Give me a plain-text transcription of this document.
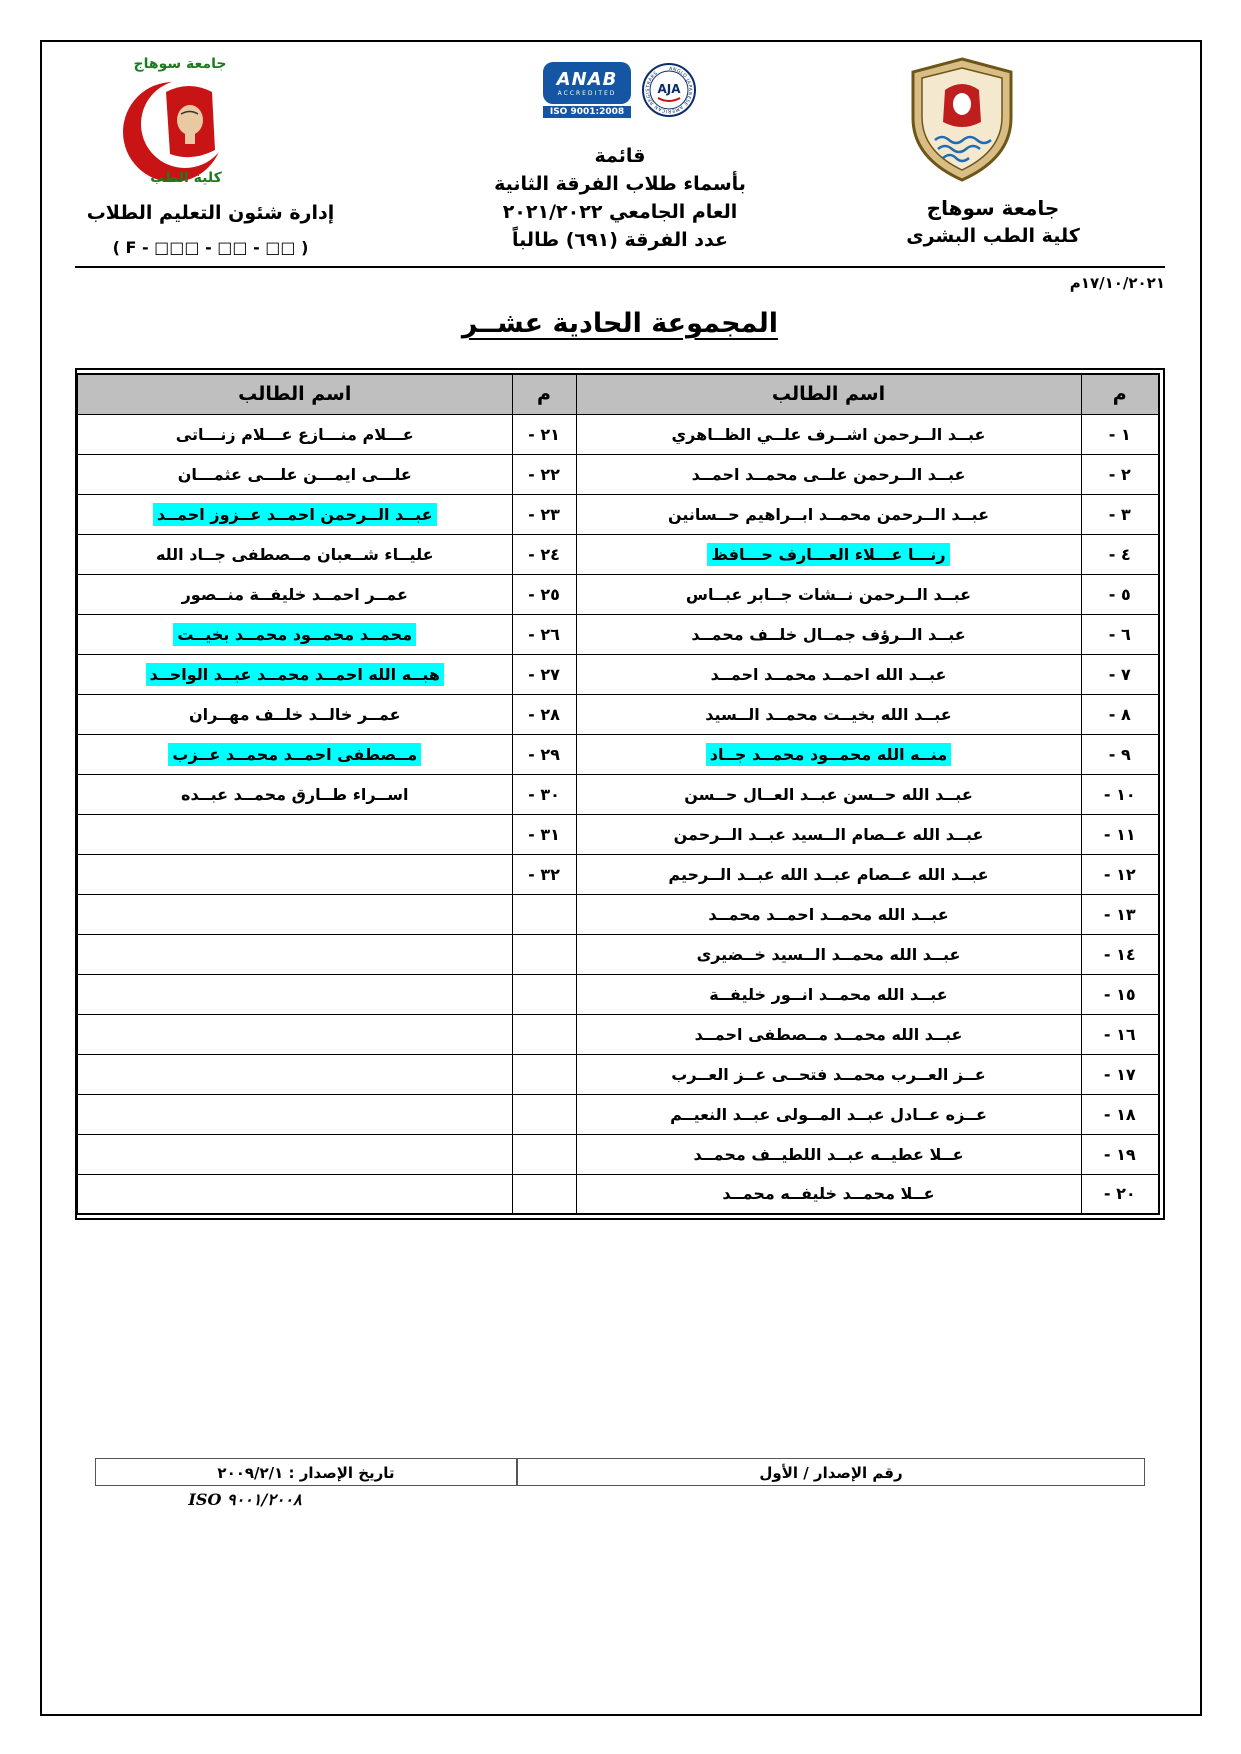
جامعة سوهاج
كلية الطب
إدارة شئون التعليم الطلاب
( F - □□□ - □□ - □□ )
ANAB
ACCREDITED
ISO 9001:2008
ANGLO JAPANESE AMERICAN REGISTRARS
AJA
قائمة
بأسماء طلاب الفرقة الثانية
العام الجامعي ٢٠٢١/٢٠٢٢
عدد الفرقة (٦٩١) طالباً
جامعة سوهاج
كلية الطب البشرى
١٧/١٠/٢٠٢١م
المجموعة الحادية عشــر
م	اسم الطالب	م	اسم الطالب
١ -	عبــد الــرحمن اشــرف علــي الظــاهري	٢١ -	عـــلام منـــازع عـــلام زنـــاتى
٢ -	عبــد الــرحمن علــى محمــد احمــد	٢٢ -	علـــى ايمـــن علـــى عثمـــان
٣ -	عبــد الــرحمن محمــد ابــراهيم حــسانين	٢٣ -	عبــد الــرحمن احمــد عــزوز احمــد
٤ -	رنـــا عـــلاء العـــارف حـــافظ	٢٤ -	عليــاء شــعبان مــصطفى جــاد الله
٥ -	عبــد الــرحمن نــشات جــابر عبــاس	٢٥ -	عمــر احمــد خليفــة منــصور
٦ -	عبــد الــرؤف جمــال خلــف محمــد	٢٦ -	محمــد محمــود محمــد بخيــت
٧ -	عبــد الله احمــد محمــد احمــد	٢٧ -	هبــه الله احمــد محمــد عبــد الواحــد
٨ -	عبــد الله بخيــت محمــد الــسيد	٢٨ -	عمــر خالــد خلــف مهــران
٩ -	منــه الله محمــود محمــد جــاد	٢٩ -	مــصطفى احمــد محمــد عــزب
١٠ -	عبــد الله حــسن عبــد العــال حــسن	٣٠ -	اســراء طــارق محمــد عبــده
١١ -	عبــد الله عــصام الــسيد عبــد الــرحمن	٣١ -	
١٢ -	عبــد الله عــصام عبــد الله عبــد الــرحيم	٣٢ -	
١٣ -	عبــد الله محمــد احمــد محمــد		
١٤ -	عبــد الله محمــد الــسيد خــضيرى		
١٥ -	عبــد الله محمــد انــور خليفــة		
١٦ -	عبــد الله محمــد مــصطفى احمــد		
١٧ -	عــز العــرب محمــد فتحــى عــز العــرب		
١٨ -	عــزه عــادل عبــد المــولى عبــد النعيــم		
١٩ -	عــلا عطيــه عبــد اللطيــف محمــد		
٢٠ -	عــلا محمــد خليفــه محمــد		
رقم الإصدار / الأول
تاريخ الإصدار : ٢٠٠٩/٢/١
ISO ٩٠٠١/٢٠٠٨
